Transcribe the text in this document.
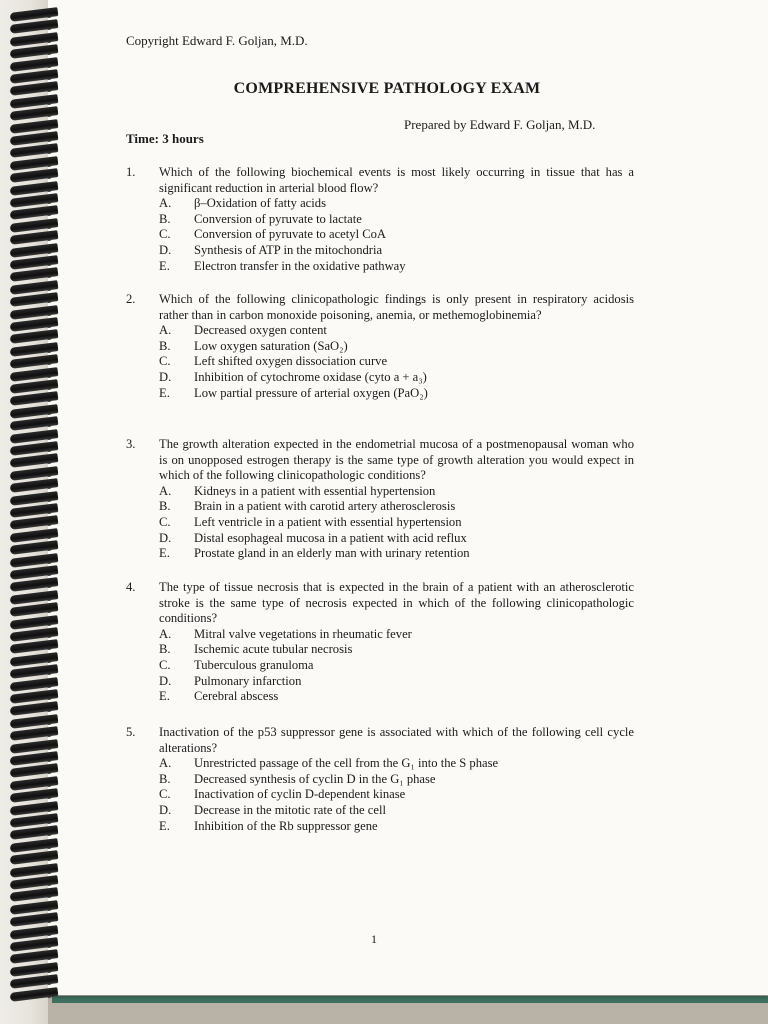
Copyright Edward F. Goljan, M.D.
COMPREHENSIVE PATHOLOGY EXAM
Prepared by Edward F. Goljan, M.D.
Time: 3 hours
1.	Which of the following biochemical events is most likely occurring in tissue that has a significant reduction in arterial blood flow?
A.	β–Oxidation of fatty acids
B.	Conversion of pyruvate to lactate
C.	Conversion of pyruvate to acetyl CoA
D.	Synthesis of ATP in the mitochondria
E.	Electron transfer in the oxidative pathway
2.	Which of the following clinicopathologic findings is only present in respiratory acidosis rather than in carbon monoxide poisoning, anemia, or methemoglobinemia?
A.	Decreased oxygen content
B.	Low oxygen saturation (SaO₂)
C.	Left shifted oxygen dissociation curve
D.	Inhibition of cytochrome oxidase (cyto a + a₃)
E.	Low partial pressure of arterial oxygen (PaO₂)
3.	The growth alteration expected in the endometrial mucosa of a postmenopausal woman who is on unopposed estrogen therapy is the same type of growth alteration you would expect in which of the following clinicopathologic conditions?
A.	Kidneys in a patient with essential hypertension
B.	Brain in a patient with carotid artery atherosclerosis
C.	Left ventricle in a patient with essential hypertension
D.	Distal esophageal mucosa in a patient with acid reflux
E.	Prostate gland in an elderly man with urinary retention
4.	The type of tissue necrosis that is expected in the brain of a patient with an atherosclerotic stroke is the same type of necrosis expected in which of the following clinicopathologic conditions?
A.	Mitral valve vegetations in rheumatic fever
B.	Ischemic acute tubular necrosis
C.	Tuberculous granuloma
D.	Pulmonary infarction
E.	Cerebral abscess
5.	Inactivation of the p53 suppressor gene is associated with which of the following cell cycle alterations?
A.	Unrestricted passage of the cell from the G₁ into the S phase
B.	Decreased synthesis of cyclin D in the G₁ phase
C.	Inactivation of cyclin D-dependent kinase
D.	Decrease in the mitotic rate of the cell
E.	Inhibition of the Rb suppressor gene
1
